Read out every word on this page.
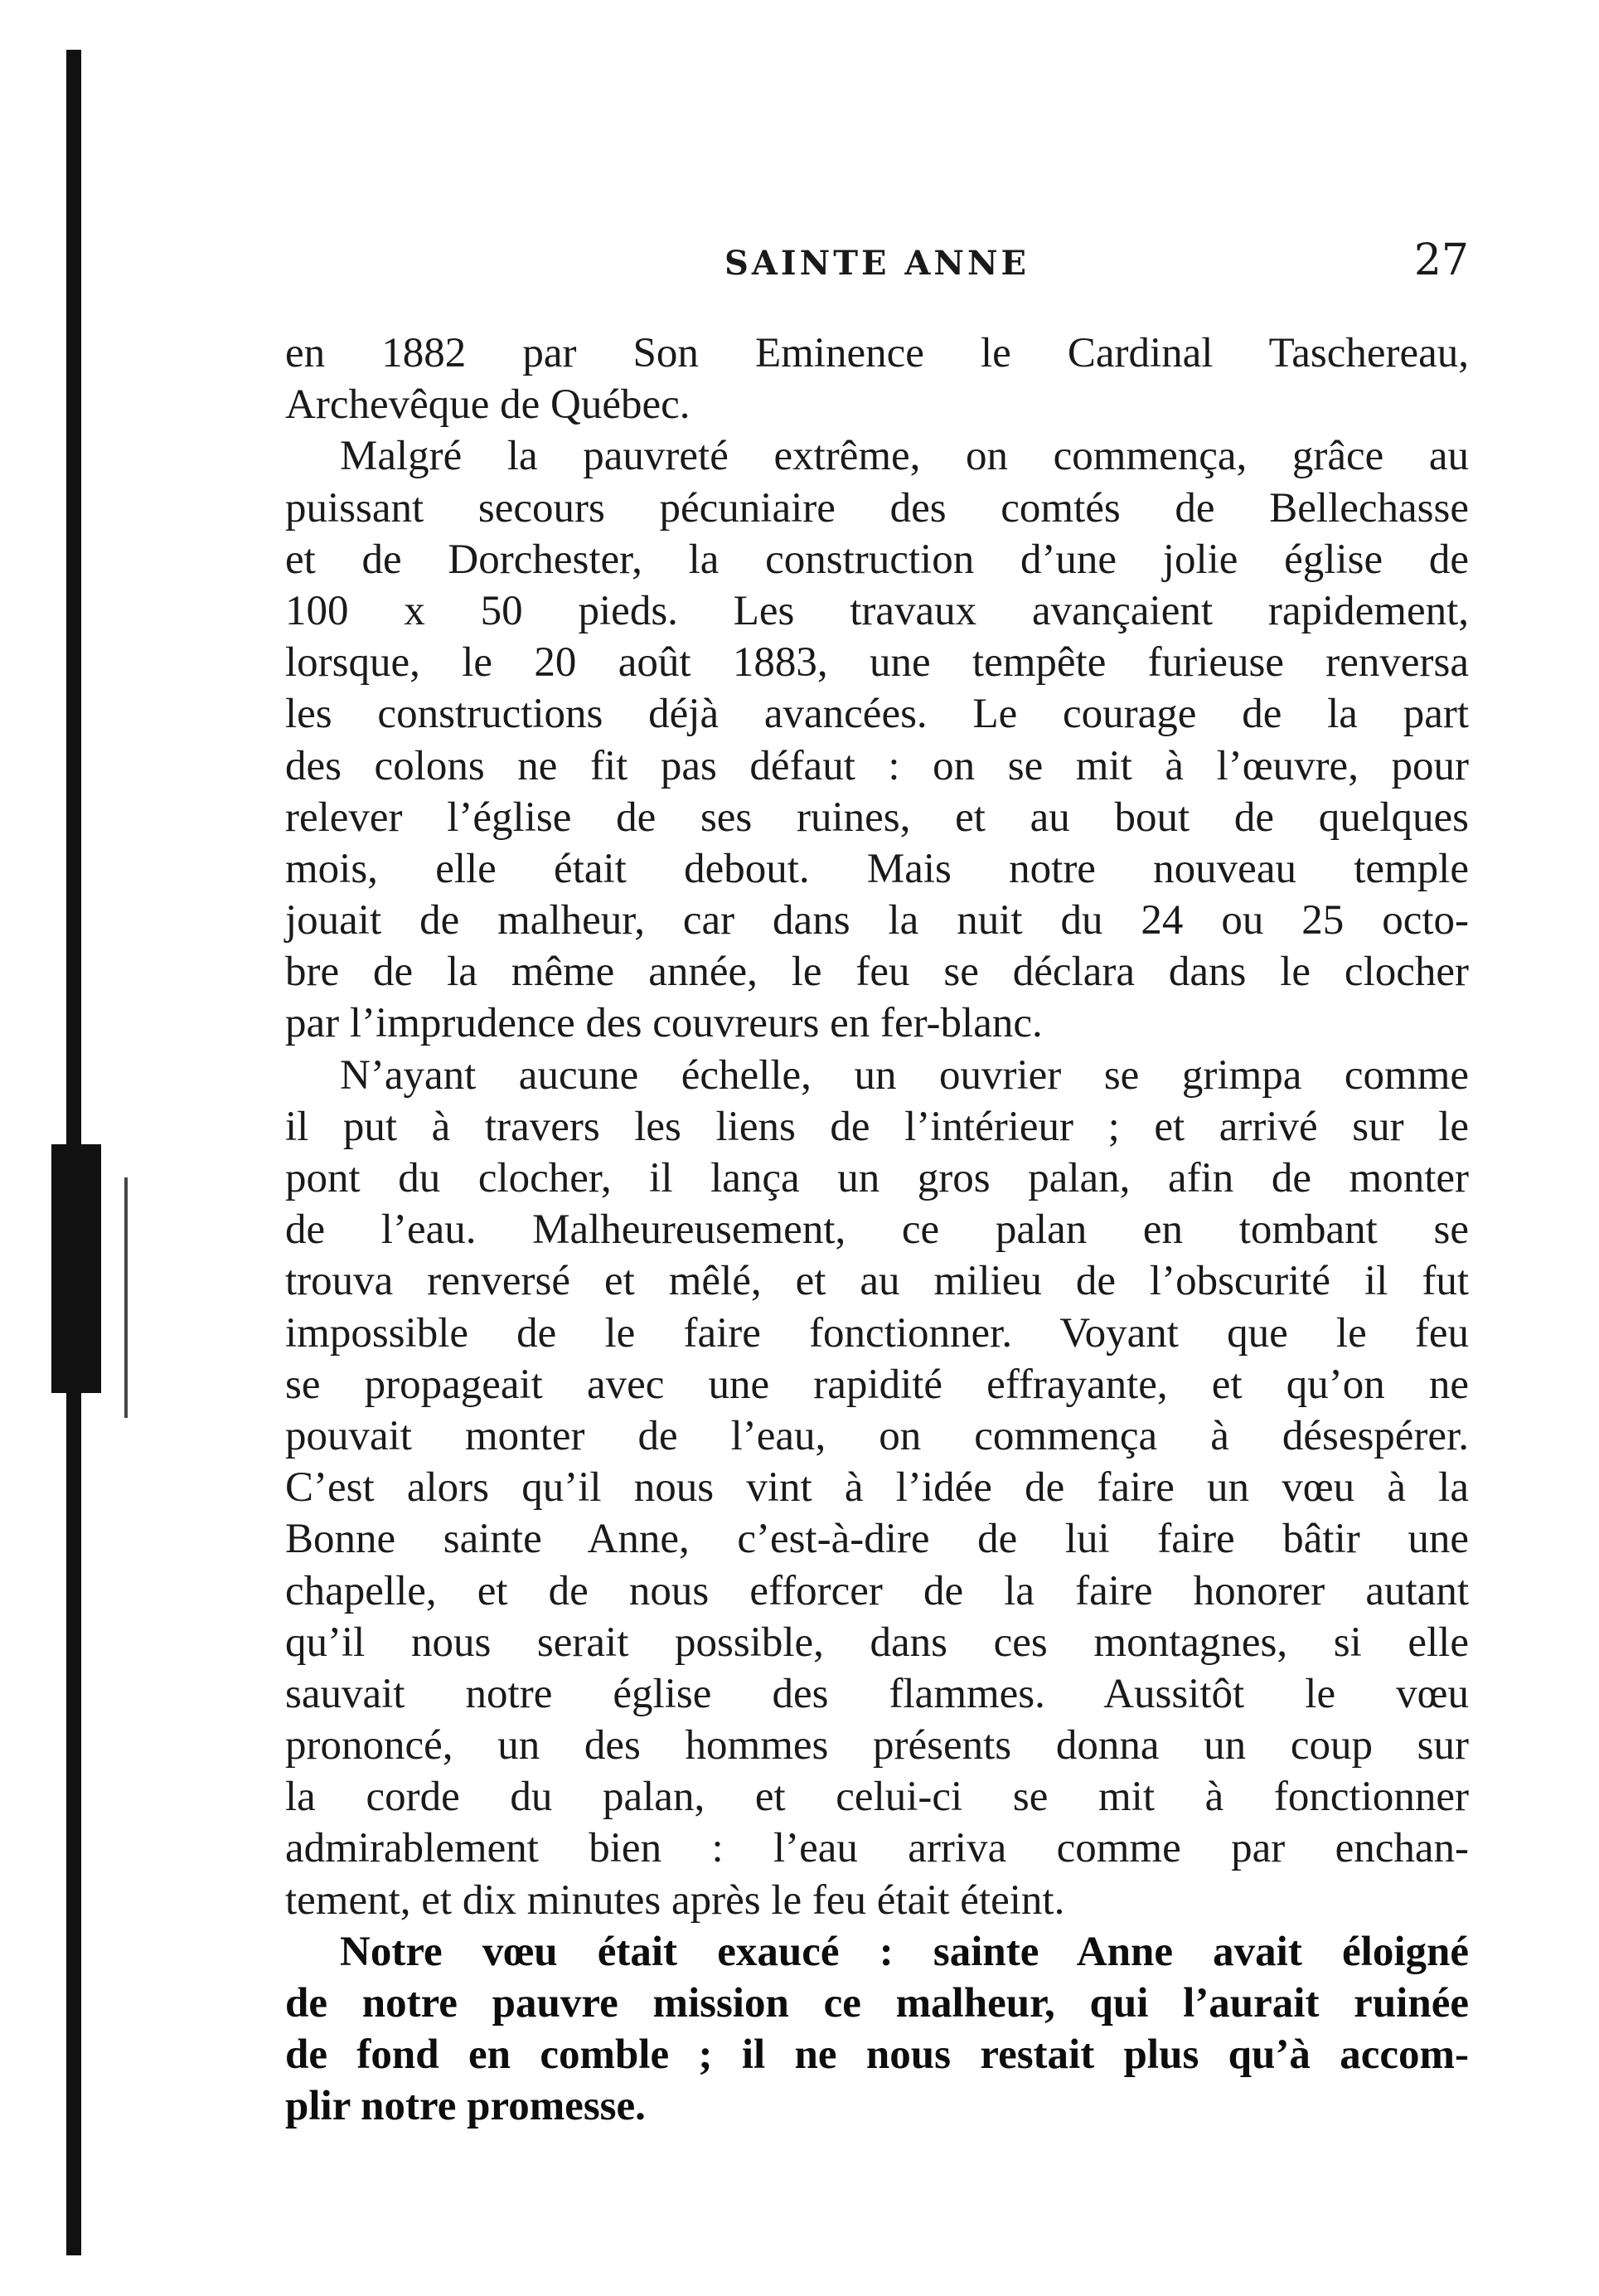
SAINTE ANNE	27
en 1882 par Son Eminence le Cardinal Taschereau,
Archevêque de Québec.
Malgré la pauvreté extrême, on commença, grâce au
puissant secours pécuniaire des comtés de Bellechasse
et de Dorchester, la construction d’une jolie église de
100 x 50 pieds. Les travaux avançaient rapidement,
lorsque, le 20 août 1883, une tempête furieuse renversa
les constructions déjà avancées. Le courage de la part
des colons ne fit pas défaut : on se mit à l’œuvre, pour
relever l’église de ses ruines, et au bout de quelques
mois, elle était debout. Mais notre nouveau temple
jouait de malheur, car dans la nuit du 24 ou 25 octo-
bre de la même année, le feu se déclara dans le clocher
par l’imprudence des couvreurs en fer-blanc.
N’ayant aucune échelle, un ouvrier se grimpa comme
il put à travers les liens de l’intérieur ; et arrivé sur le
pont du clocher, il lança un gros palan, afin de monter
de l’eau. Malheureusement, ce palan en tombant se
trouva renversé et mêlé, et au milieu de l’obscurité il fut
impossible de le faire fonctionner. Voyant que le feu
se propageait avec une rapidité effrayante, et qu’on ne
pouvait monter de l’eau, on commença à désespérer.
C’est alors qu’il nous vint à l’idée de faire un vœu à la
Bonne sainte Anne, c’est-à-dire de lui faire bâtir une
chapelle, et de nous efforcer de la faire honorer autant
qu’il nous serait possible, dans ces montagnes, si elle
sauvait notre église des flammes. Aussitôt le vœu
prononcé, un des hommes présents donna un coup sur
la corde du palan, et celui-ci se mit à fonctionner
admirablement bien : l’eau arriva comme par enchan-
tement, et dix minutes après le feu était éteint.
Notre vœu était exaucé : sainte Anne avait éloigné
de notre pauvre mission ce malheur, qui l’aurait ruinée
de fond en comble ; il ne nous restait plus qu’à accom-
plir notre promesse.
